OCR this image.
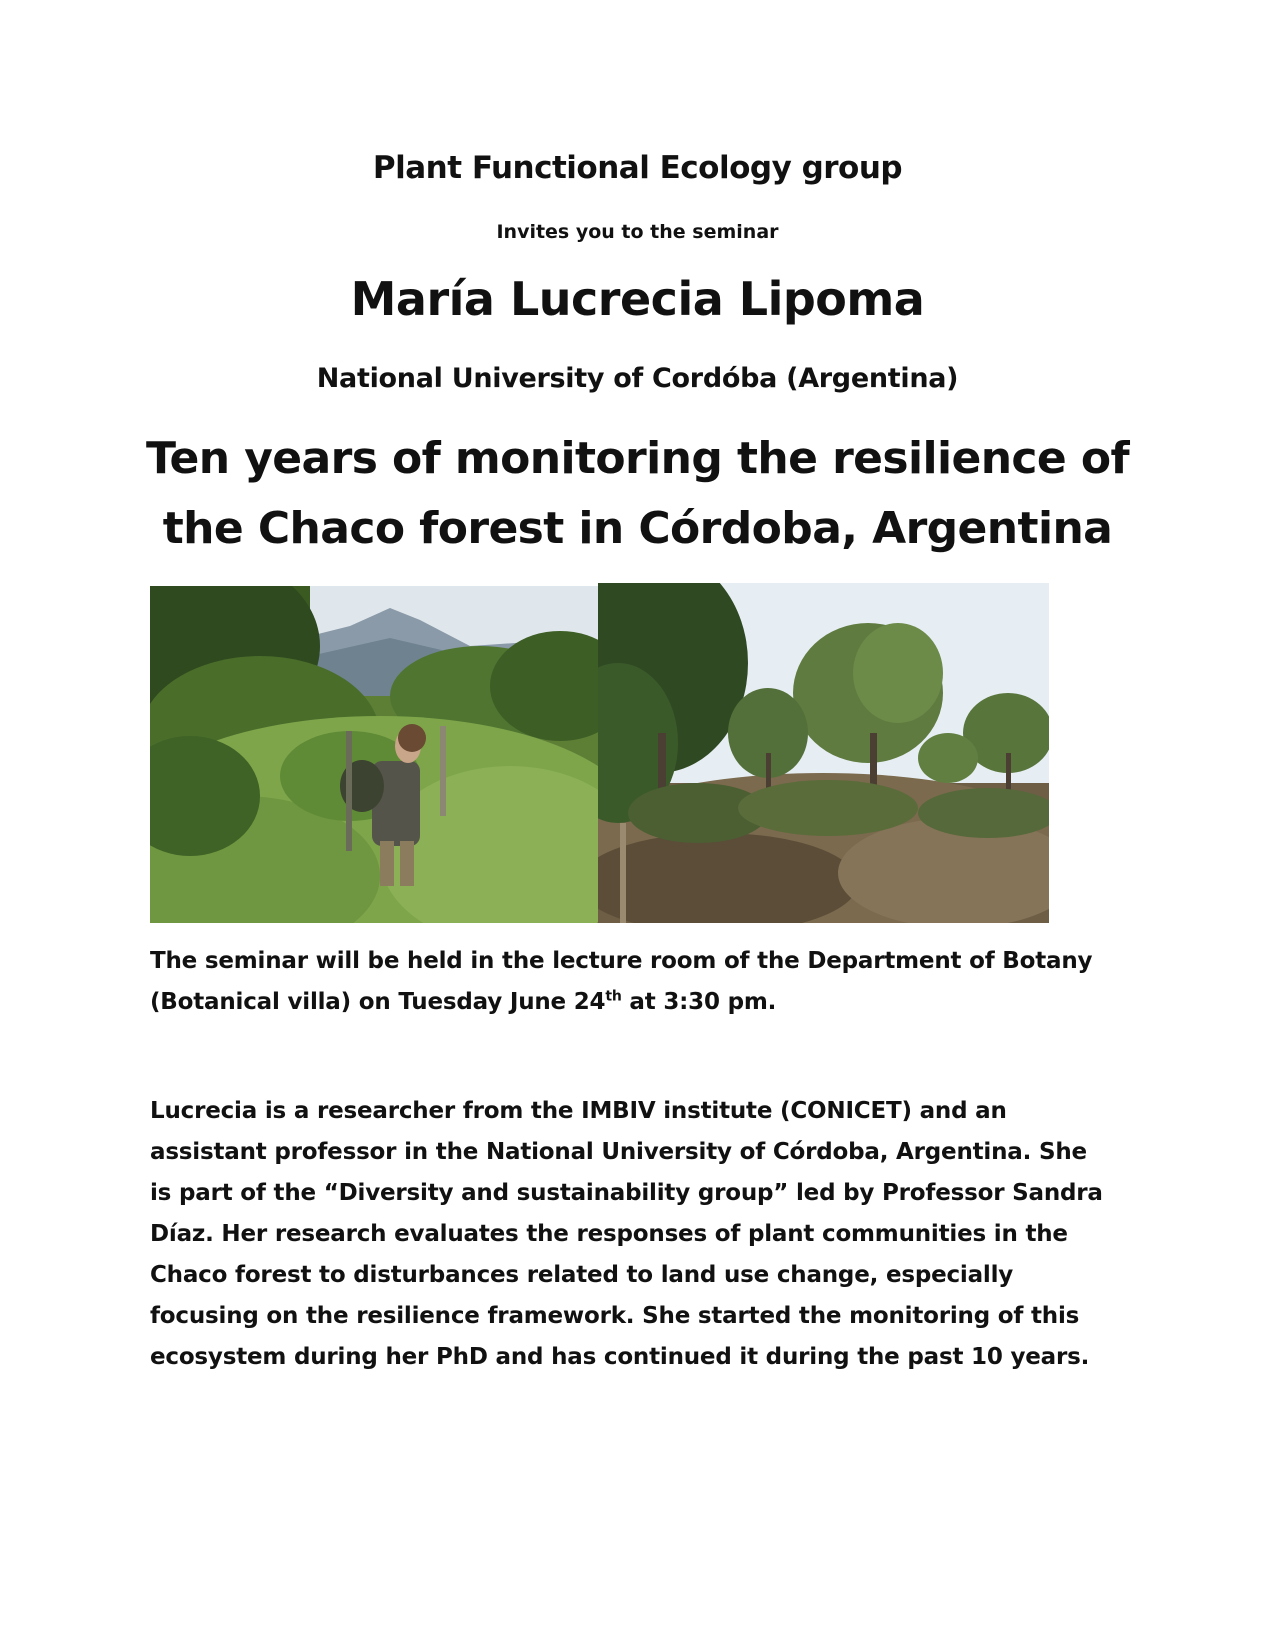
Plant Functional Ecology group
Invites you to the seminar
María Lucrecia Lipoma
National University of Cordóba (Argentina)
Ten years of monitoring the resilience of
the Chaco forest in Córdoba, Argentina
The seminar will be held in the lecture room of the Department of Botany
(Botanical villa) on Tuesday June 24th at 3:30 pm.
Lucrecia is a researcher from the IMBIV institute (CONICET) and an
assistant professor in the National University of Córdoba, Argentina. She
is part of the “Diversity and sustainability group” led by Professor Sandra
Díaz. Her research evaluates the responses of plant communities in the
Chaco forest to disturbances related to land use change, especially
focusing on the resilience framework. She started the monitoring of this
ecosystem during her PhD and has continued it during the past 10 years.
